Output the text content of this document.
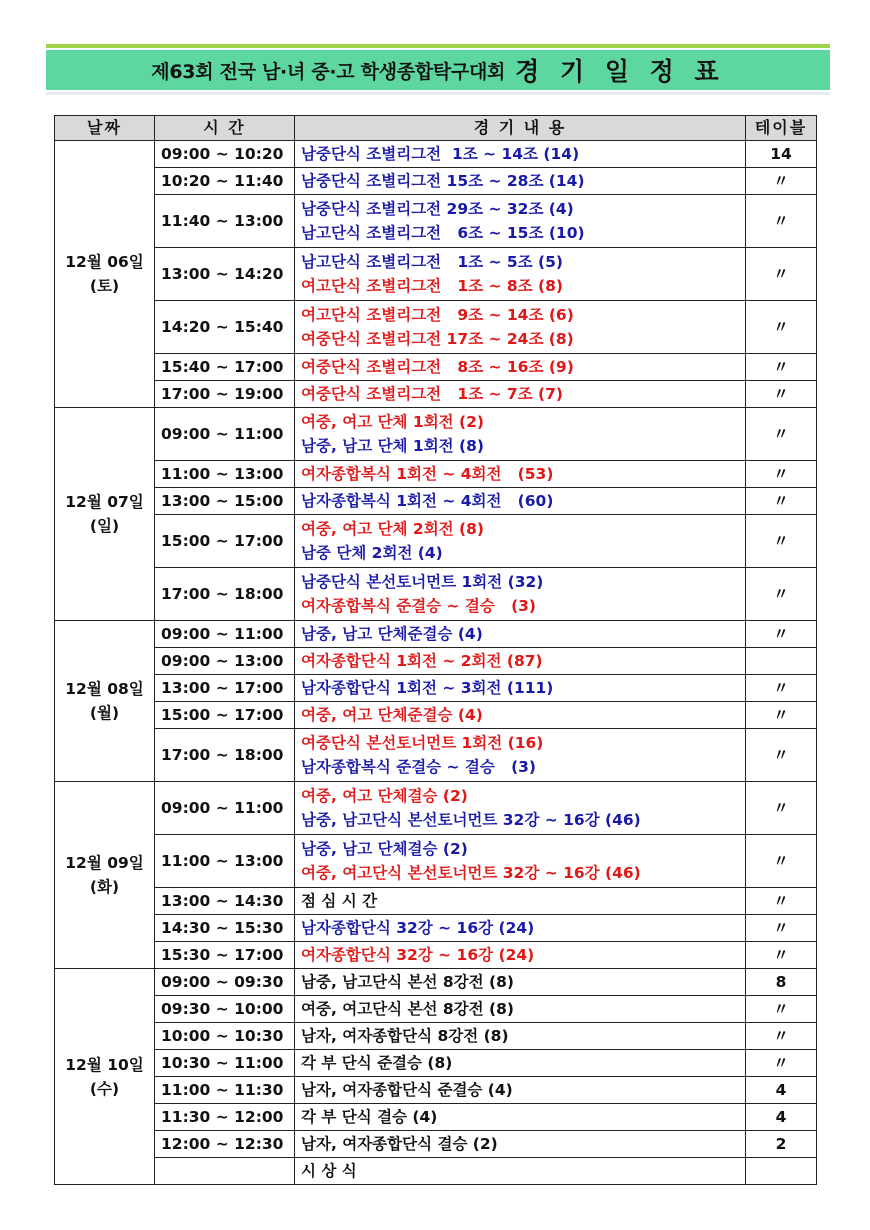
제63회 전국 남·녀 중·고 학생종합탁구대회 경 기 일 정 표
날짜	시 간	경 기 내 용	테이블

12월 06일
(토)	09:00 ~ 10:20	남중단식 조별리그전  1조 ~ 14조 (14)	14
	10:20 ~ 11:40	남중단식 조별리그전 15조 ~ 28조 (14)	〃
	11:40 ~ 13:00	남중단식 조별리그전 29조 ~ 32조 (4)
남고단식 조별리그전   6조 ~ 15조 (10)	〃
	13:00 ~ 14:20	남고단식 조별리그전   1조 ~ 5조 (5)
여고단식 조별리그전   1조 ~ 8조 (8)	〃
	14:20 ~ 15:40	여고단식 조별리그전   9조 ~ 14조 (6)
여중단식 조별리그전 17조 ~ 24조 (8)	〃
	15:40 ~ 17:00	여중단식 조별리그전   8조 ~ 16조 (9)	〃
	17:00 ~ 19:00	여중단식 조별리그전   1조 ~ 7조 (7)	〃

12월 07일
(일)	09:00 ~ 11:00	여중, 여고 단체 1회전 (2)
남중, 남고 단체 1회전 (8)	〃
	11:00 ~ 13:00	여자종합복식 1회전 ~ 4회전   (53)	〃
	13:00 ~ 15:00	남자종합복식 1회전 ~ 4회전   (60)	〃
	15:00 ~ 17:00	여중, 여고 단체 2회전 (8)
남중 단체 2회전 (4)	〃
	17:00 ~ 18:00	남중단식 본선토너먼트 1회전 (32)
여자종합복식 준결승 ~ 결승   (3)	〃

12월 08일
(월)	09:00 ~ 11:00	남중, 남고 단체준결승 (4)	〃
	09:00 ~ 13:00	여자종합단식 1회전 ~ 2회전 (87)	

	13:00 ~ 17:00	남자종합단식 1회전 ~ 3회전 (111)	〃
	15:00 ~ 17:00	여중, 여고 단체준결승 (4)	〃
	17:00 ~ 18:00	여중단식 본선토너먼트 1회전 (16)
남자종합복식 준결승 ~ 결승   (3)	〃

12월 09일
(화)	09:00 ~ 11:00	여중, 여고 단체결승 (2)
남중, 남고단식 본선토너먼트 32강 ~ 16강 (46)	〃
	11:00 ~ 13:00	남중, 남고 단체결승 (2)
여중, 여고단식 본선토너먼트 32강 ~ 16강 (46)	〃
	13:00 ~ 14:30	점 심 시 간	〃
	14:30 ~ 15:30	남자종합단식 32강 ~ 16강 (24)	〃
	15:30 ~ 17:00	여자종합단식 32강 ~ 16강 (24)	〃

12월 10일
(수)	09:00 ~ 09:30	남중, 남고단식 본선 8강전 (8)	8
	09:30 ~ 10:00	여중, 여고단식 본선 8강전 (8)	〃
	10:00 ~ 10:30	남자, 여자종합단식 8강전 (8)	〃
	10:30 ~ 11:00	각 부 단식 준결승 (8)	〃
	11:00 ~ 11:30	남자, 여자종합단식 준결승 (4)	4
	11:30 ~ 12:00	각 부 단식 결승 (4)	4
	12:00 ~ 12:30	남자, 여자종합단식 결승 (2)	2

		시 상 식	
